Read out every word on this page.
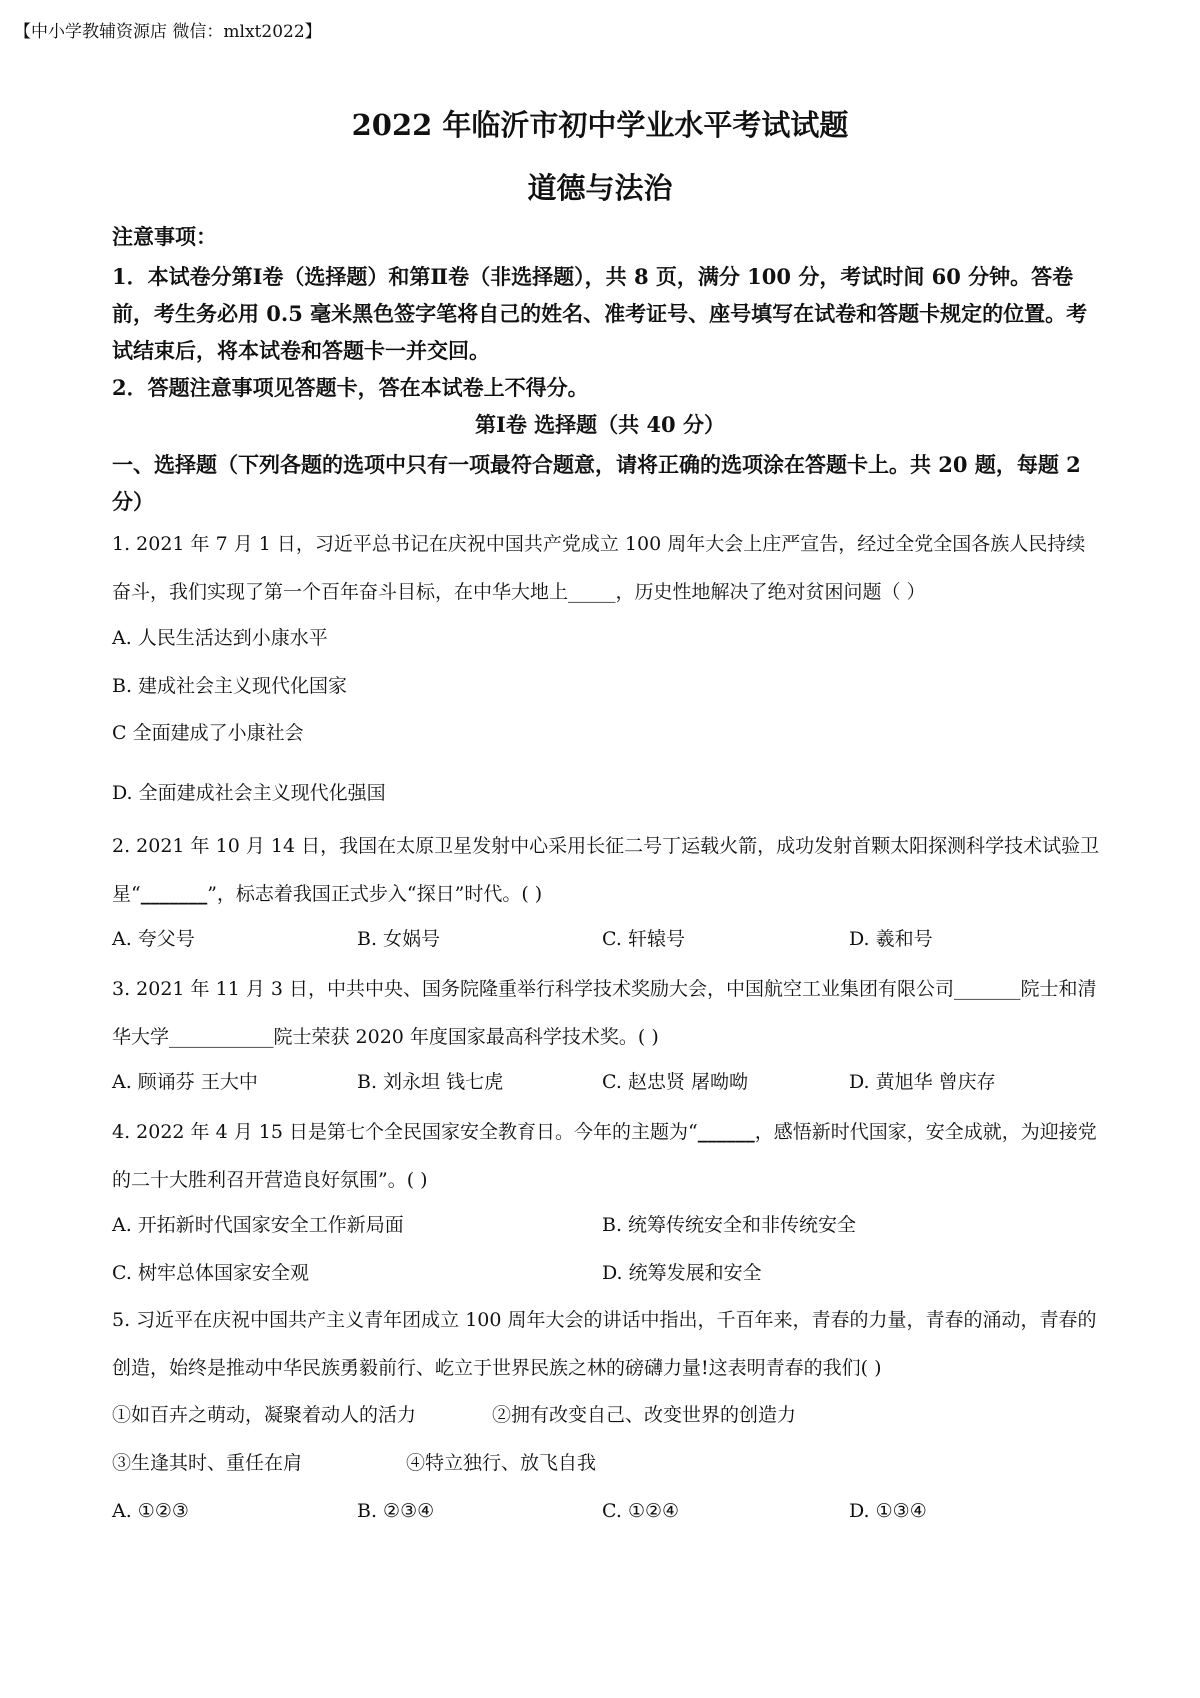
【中小学教辅资源店 微信：mlxt2022】
2022 年临沂市初中学业水平考试试题
道德与法治
注意事项：
1．本试卷分第Ⅰ卷（选择题）和第Ⅱ卷（非选择题），共 8 页，满分 100 分，考试时间 60 分钟。答卷前，考生务必用 0.5 毫米黑色签字笔将自己的姓名、准考证号、座号填写在试卷和答题卡规定的位置。考试结束后，将本试卷和答题卡一并交回。
2．答题注意事项见答题卡，答在本试卷上不得分。
第Ⅰ卷 选择题（共 40 分）
一、选择题（下列各题的选项中只有一项最符合题意，请将正确的选项涂在答题卡上。共 20 题，每题 2 分）
1. 2021 年 7 月 1 日，习近平总书记在庆祝中国共产党成立 100 周年大会上庄严宣告，经过全党全国各族人民持续奋斗，我们实现了第一个百年奋斗目标，在中华大地上_____，历史性地解决了绝对贫困问题（ ）
A. 人民生活达到小康水平
B. 建成社会主义现代化国家
C 全面建成了小康社会
D. 全面建成社会主义现代化强国
2. 2021 年 10 月 14 日，我国在太原卫星发射中心采用长征二号丁运载火箭，成功发射首颗太阳探测科学技术试验卫星“_______”，标志着我国正式步入“探日”时代。( )
A. 夸父号	B. 女娲号	C. 轩辕号	D. 羲和号
3. 2021 年 11 月 3 日，中共中央、国务院隆重举行科学技术奖励大会，中国航空工业集团有限公司_______院士和清华大学___________院士荣获 2020 年度国家最高科学技术奖。( )
A. 顾诵芬 王大中	B. 刘永坦 钱七虎	C. 赵忠贤 屠呦呦	D. 黄旭华 曾庆存
4. 2022 年 4 月 15 日是第七个全民国家安全教育日。今年的主题为“______，感悟新时代国家，安全成就，为迎接党的二十大胜利召开营造良好氛围”。( )
A. 开拓新时代国家安全工作新局面	B. 统筹传统安全和非传统安全
C. 树牢总体国家安全观	D. 统筹发展和安全
5. 习近平在庆祝中国共产主义青年团成立 100 周年大会的讲话中指出，千百年来，青春的力量，青春的涌动，青春的创造，始终是推动中华民族勇毅前行、屹立于世界民族之林的磅礴力量!这表明青春的我们( )
①如百卉之萌动，凝聚着动人的活力	②拥有改变自己、改变世界的创造力
③生逢其时、重任在肩	④特立独行、放飞自我
A. ①②③	B. ②③④	C. ①②④	D. ①③④
